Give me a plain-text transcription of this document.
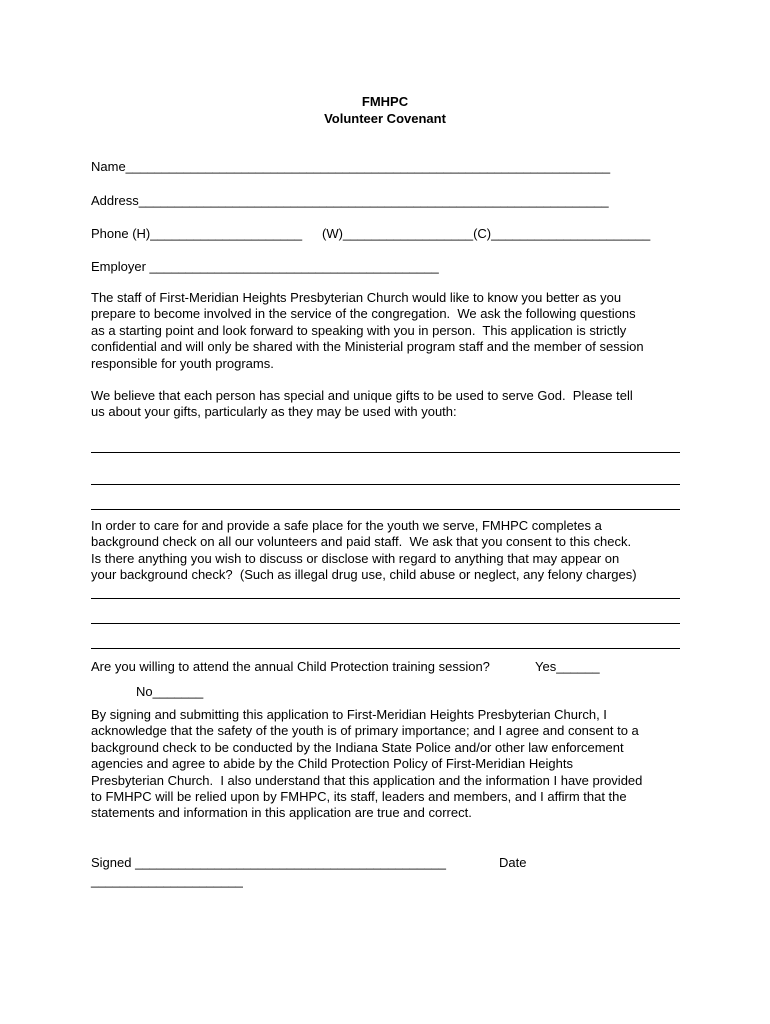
FMHPC
Volunteer Covenant
Name___________________________________________________________________
Address_________________________________________________________________
Phone (H)_____________________ (W)__________________(C)______________________
Employer ________________________________________
The staff of First-Meridian Heights Presbyterian Church would like to know you better as you
prepare to become involved in the service of the congregation.  We ask the following questions
as a starting point and look forward to speaking with you in person.  This application is strictly
confidential and will only be shared with the Ministerial program staff and the member of session
responsible for youth programs.
We believe that each person has special and unique gifts to be used to serve God.  Please tell
us about your gifts, particularly as they may be used with youth:
In order to care for and provide a safe place for the youth we serve, FMHPC completes a
background check on all our volunteers and paid staff.  We ask that you consent to this check.
Is there anything you wish to discuss or disclose with regard to anything that may appear on
your background check?  (Such as illegal drug use, child abuse or neglect, any felony charges)
Are you willing to attend the annual Child Protection training session?	Yes______
No_______
By signing and submitting this application to First-Meridian Heights Presbyterian Church, I
acknowledge that the safety of the youth is of primary importance; and I agree and consent to a
background check to be conducted by the Indiana State Police and/or other law enforcement
agencies and agree to abide by the Child Protection Policy of First-Meridian Heights
Presbyterian Church.  I also understand that this application and the information I have provided
to FMHPC will be relied upon by FMHPC, its staff, leaders and members, and I affirm that the
statements and information in this application are true and correct.
Signed ___________________________________________	Date
_____________________
